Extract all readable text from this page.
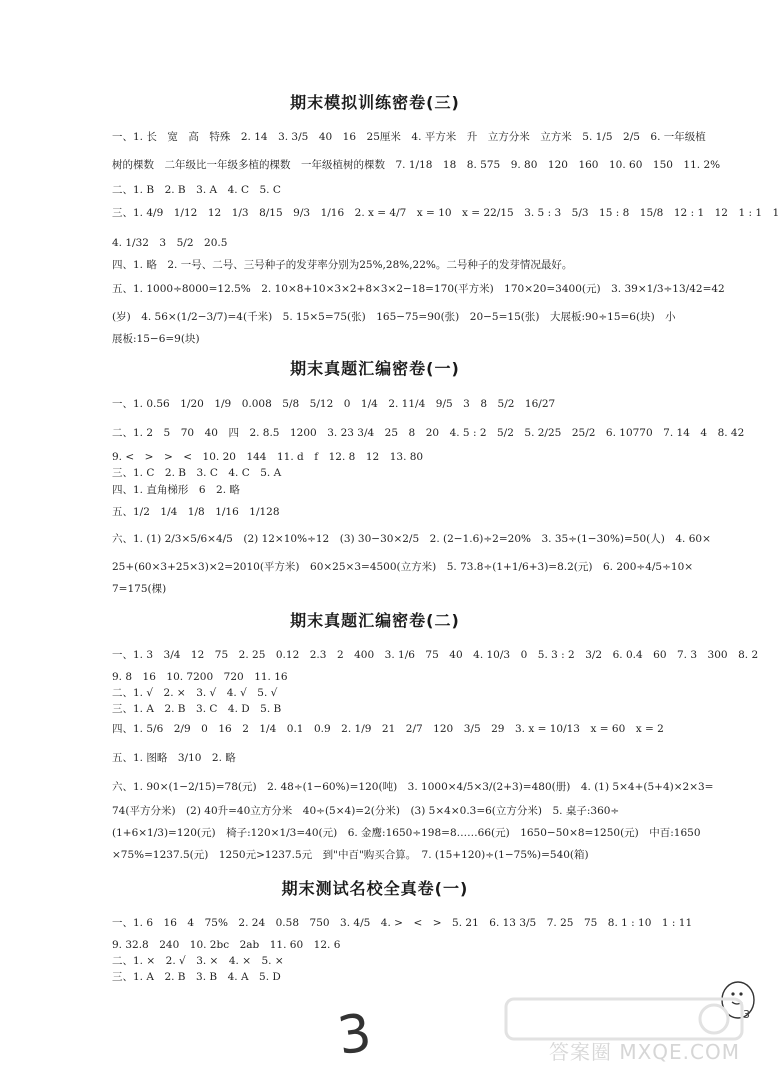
期末模拟训练密卷(三)
一、1. 长　宽　高　特殊　2. 14　3. 3/5　40　16　25厘米　4. 平方米　升　立方分米　立方米　5. 1/5　2/5　6. 一年级植
树的棵数　二年级比一年级多植的棵数　一年级植树的棵数　7. 1/18　18　8. 575　9. 80　120　160　10. 60　150　11. 2%
二、1. B　2. B　3. A　4. C　5. C
三、1. 4/9　1/12　12　1/3　8/15　9/3　1/16　2. x = 4/7　x = 10　x = 22/15　3. 5 : 3　5/3　15 : 8　15/8　12 : 1　12　1 : 1　1
4. 1/32　3　5/2　20.5
四、1. 略　2. 一号、二号、三号种子的发芽率分别为25%,28%,22%。二号种子的发芽情况最好。
五、1. 1000÷8000=12.5%　2. 10×8+10×3×2+8×3×2−18=170(平方米)　170×20=3400(元)　3. 39×1/3÷13/42=42
(岁)　4. 56×(1/2−3/7)=4(千米)　5. 15×5=75(张)　165−75=90(张)　20−5=15(张)　大展板:90÷15=6(块)　小
展板:15−6=9(块)
期末真题汇编密卷(一)
一、1. 0.56　1/20　1/9　0.008　5/8　5/12　0　1/4　2. 11/4　9/5　3　8　5/2　16/27
二、1. 2　5　70　40　四　2. 8.5　1200　3. 23 3/4　25　8　20　4. 5 : 2　5/2　5. 2/25　25/2　6. 10770　7. 14　4　8. 42
9. <　>　>　<　10. 20　144　11. d　f　12. 8　12　13. 80
三、1. C　2. B　3. C　4. C　5. A
四、1. 直角梯形　6　2. 略
五、1/2　1/4　1/8　1/16　1/128
六、1. (1) 2/3×5/6×4/5　(2) 12×10%÷12　(3) 30−30×2/5　2. (2−1.6)÷2=20%　3. 35÷(1−30%)=50(人)　4. 60×
25+(60×3+25×3)×2=2010(平方米)　60×25×3=4500(立方米)　5. 73.8÷(1+1/6+3)=8.2(元)　6. 200÷4/5÷10×
7=175(棵)
期末真题汇编密卷(二)
一、1. 3　3/4　12　75　2. 25　0.12　2.3　2　400　3. 1/6　75　40　4. 10/3　0　5. 3 : 2　3/2　6. 0.4　60　7. 3　300　8. 2
9. 8　16　10. 7200　720　11. 16
二、1. √　2. ×　3. √　4. √　5. √
三、1. A　2. B　3. C　4. D　5. B
四、1. 5/6　2/9　0　16　2　1/4　0.1　0.9　2. 1/9　21　2/7　120　3/5　29　3. x = 10/13　x = 60　x = 2
五、1. 图略　3/10　2. 略
六、1. 90×(1−2/15)=78(元)　2. 48÷(1−60%)=120(吨)　3. 1000×4/5×3/(2+3)=480(册)　4. (1) 5×4+(5+4)×2×3=
74(平方分米)　(2) 40升=40立方分米　40÷(5×4)=2(分米)　(3) 5×4×0.3=6(立方分米)　5. 桌子:360÷
(1+6×1/3)=120(元)　椅子:120×1/3=40(元)　6. 金鹰:1650÷198=8……66(元)　1650−50×8=1250(元)　中百:1650
×75%=1237.5(元)　1250元>1237.5元　到"中百"购买合算。　7. (15+120)÷(1−75%)=540(箱)
期末测试名校全真卷(一)
一、1. 6　16　4　75%　2. 24　0.58　750　3. 4/5　4. >　<　>　5. 21　6. 13 3/5　7. 25　75　8. 1 : 10　1 : 11
9. 32.8　240　10. 2bc　2ab　11. 60　12. 6
二、1. ×　2. √　3. ×　4. ×　5. ×
三、1. A　2. B　3. B　4. A　5. D
3	3
答案圈 MXQE.COM
